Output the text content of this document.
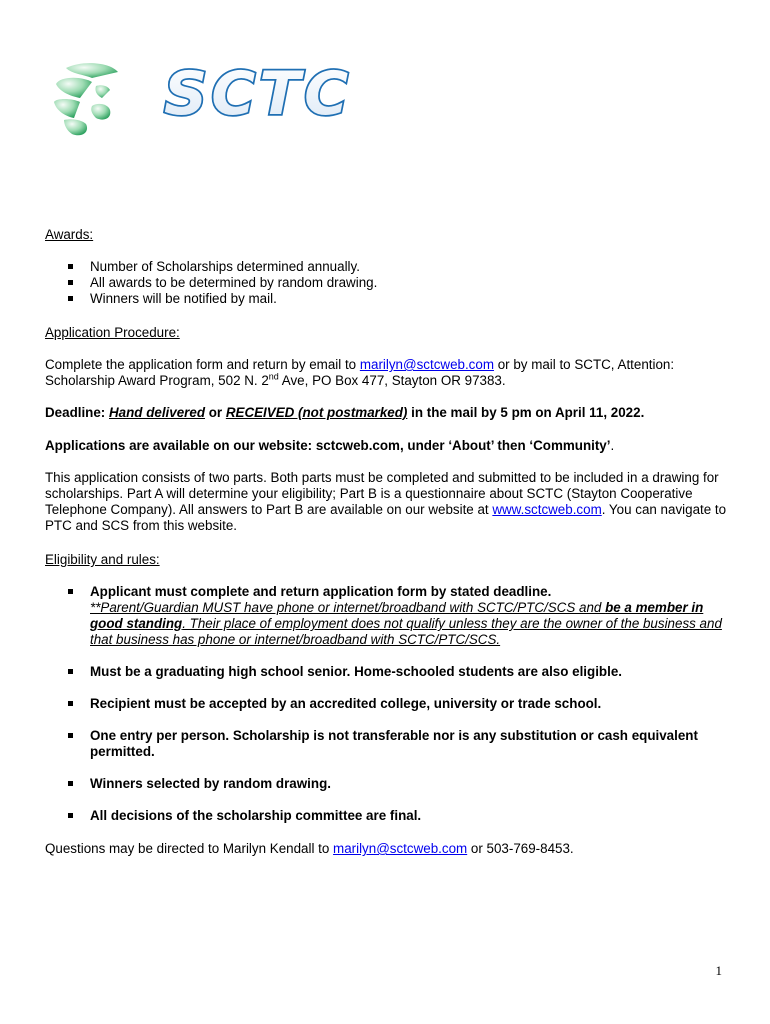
SCTC

Awards:

Number of Scholarships determined annually.
All awards to be determined by random drawing.
Winners will be notified by mail.

Application Procedure:

Complete the application form and return by email to marilyn@sctcweb.com or by mail to SCTC, Attention: Scholarship Award Program, 502 N. 2nd Ave, PO Box 477, Stayton OR 97383.

Deadline: Hand delivered or RECEIVED (not postmarked) in the mail by 5 pm on April 11, 2022.

Applications are available on our website: sctcweb.com, under ‘About’ then ‘Community’.

This application consists of two parts. Both parts must be completed and submitted to be included in a drawing for scholarships. Part A will determine your eligibility; Part B is a questionnaire about SCTC (Stayton Cooperative Telephone Company). All answers to Part B are available on our website at www.sctcweb.com. You can navigate to PTC and SCS from this website.

Eligibility and rules:

Applicant must complete and return application form by stated deadline.
**Parent/Guardian MUST have phone or internet/broadband with SCTC/PTC/SCS and be a member in good standing. Their place of employment does not qualify unless they are the owner of the business and that business has phone or internet/broadband with SCTC/PTC/SCS.
Must be a graduating high school senior. Home-schooled students are also eligible.
Recipient must be accepted by an accredited college, university or trade school.
One entry per person. Scholarship is not transferable nor is any substitution or cash equivalent permitted.
Winners selected by random drawing.
All decisions of the scholarship committee are final.

Questions may be directed to Marilyn Kendall to marilyn@sctcweb.com or 503-769-8453.

1
